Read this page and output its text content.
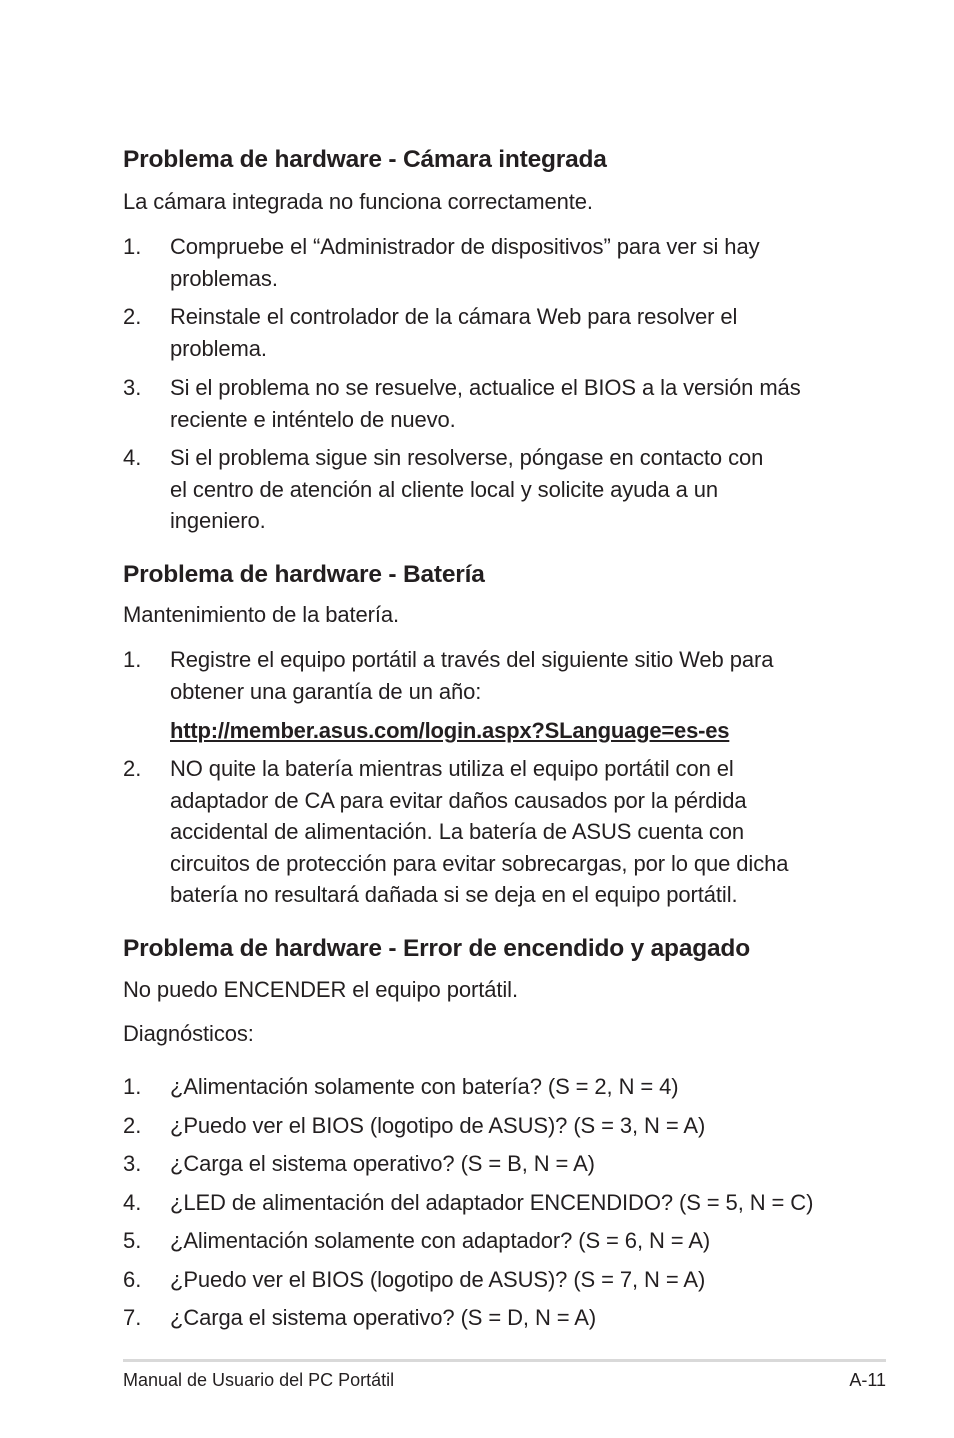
Problema de hardware - Cámara integrada

La cámara integrada no funciona correctamente.

1. Compruebe el “Administrador de dispositivos” para ver si hay
problemas.

2. Reinstale el controlador de la cámara Web para resolver el
problema.

3. Si el problema no se resuelve, actualice el BIOS a la versión más
reciente e inténtelo de nuevo.

4. Si el problema sigue sin resolverse, póngase en contacto con
el centro de atención al cliente local y solicite ayuda a un
ingeniero.

Problema de hardware - Batería

Mantenimiento de la batería.

1. Registre el equipo portátil a través del siguiente sitio Web para
obtener una garantía de un año:

http://member.asus.com/login.aspx?SLanguage=es-es
2. NO quite la batería mientras utiliza el equipo portátil con el
adaptador de CA para evitar daños causados por la pérdida
accidental de alimentación. La batería de ASUS cuenta con
circuitos de protección para evitar sobrecargas, por lo que dicha
batería no resultará dañada si se deja en el equipo portátil.

Problema de hardware - Error de encendido y apagado

No puedo ENCENDER el equipo portátil.

Diagnósticos:

1. ¿Alimentación solamente con batería? (S = 2, N = 4)

2. ¿Puedo ver el BIOS (logotipo de ASUS)? (S = 3, N = A)

3. ¿Carga el sistema operativo? (S = B, N = A)

4. ¿LED de alimentación del adaptador ENCENDIDO? (S = 5, N = C)

5. ¿Alimentación solamente con adaptador? (S = 6, N = A)

6. ¿Puedo ver el BIOS (logotipo de ASUS)? (S = 7, N = A)

7. ¿Carga el sistema operativo? (S = D, N = A)

Manual de Usuario del PC Portátil	A-11
